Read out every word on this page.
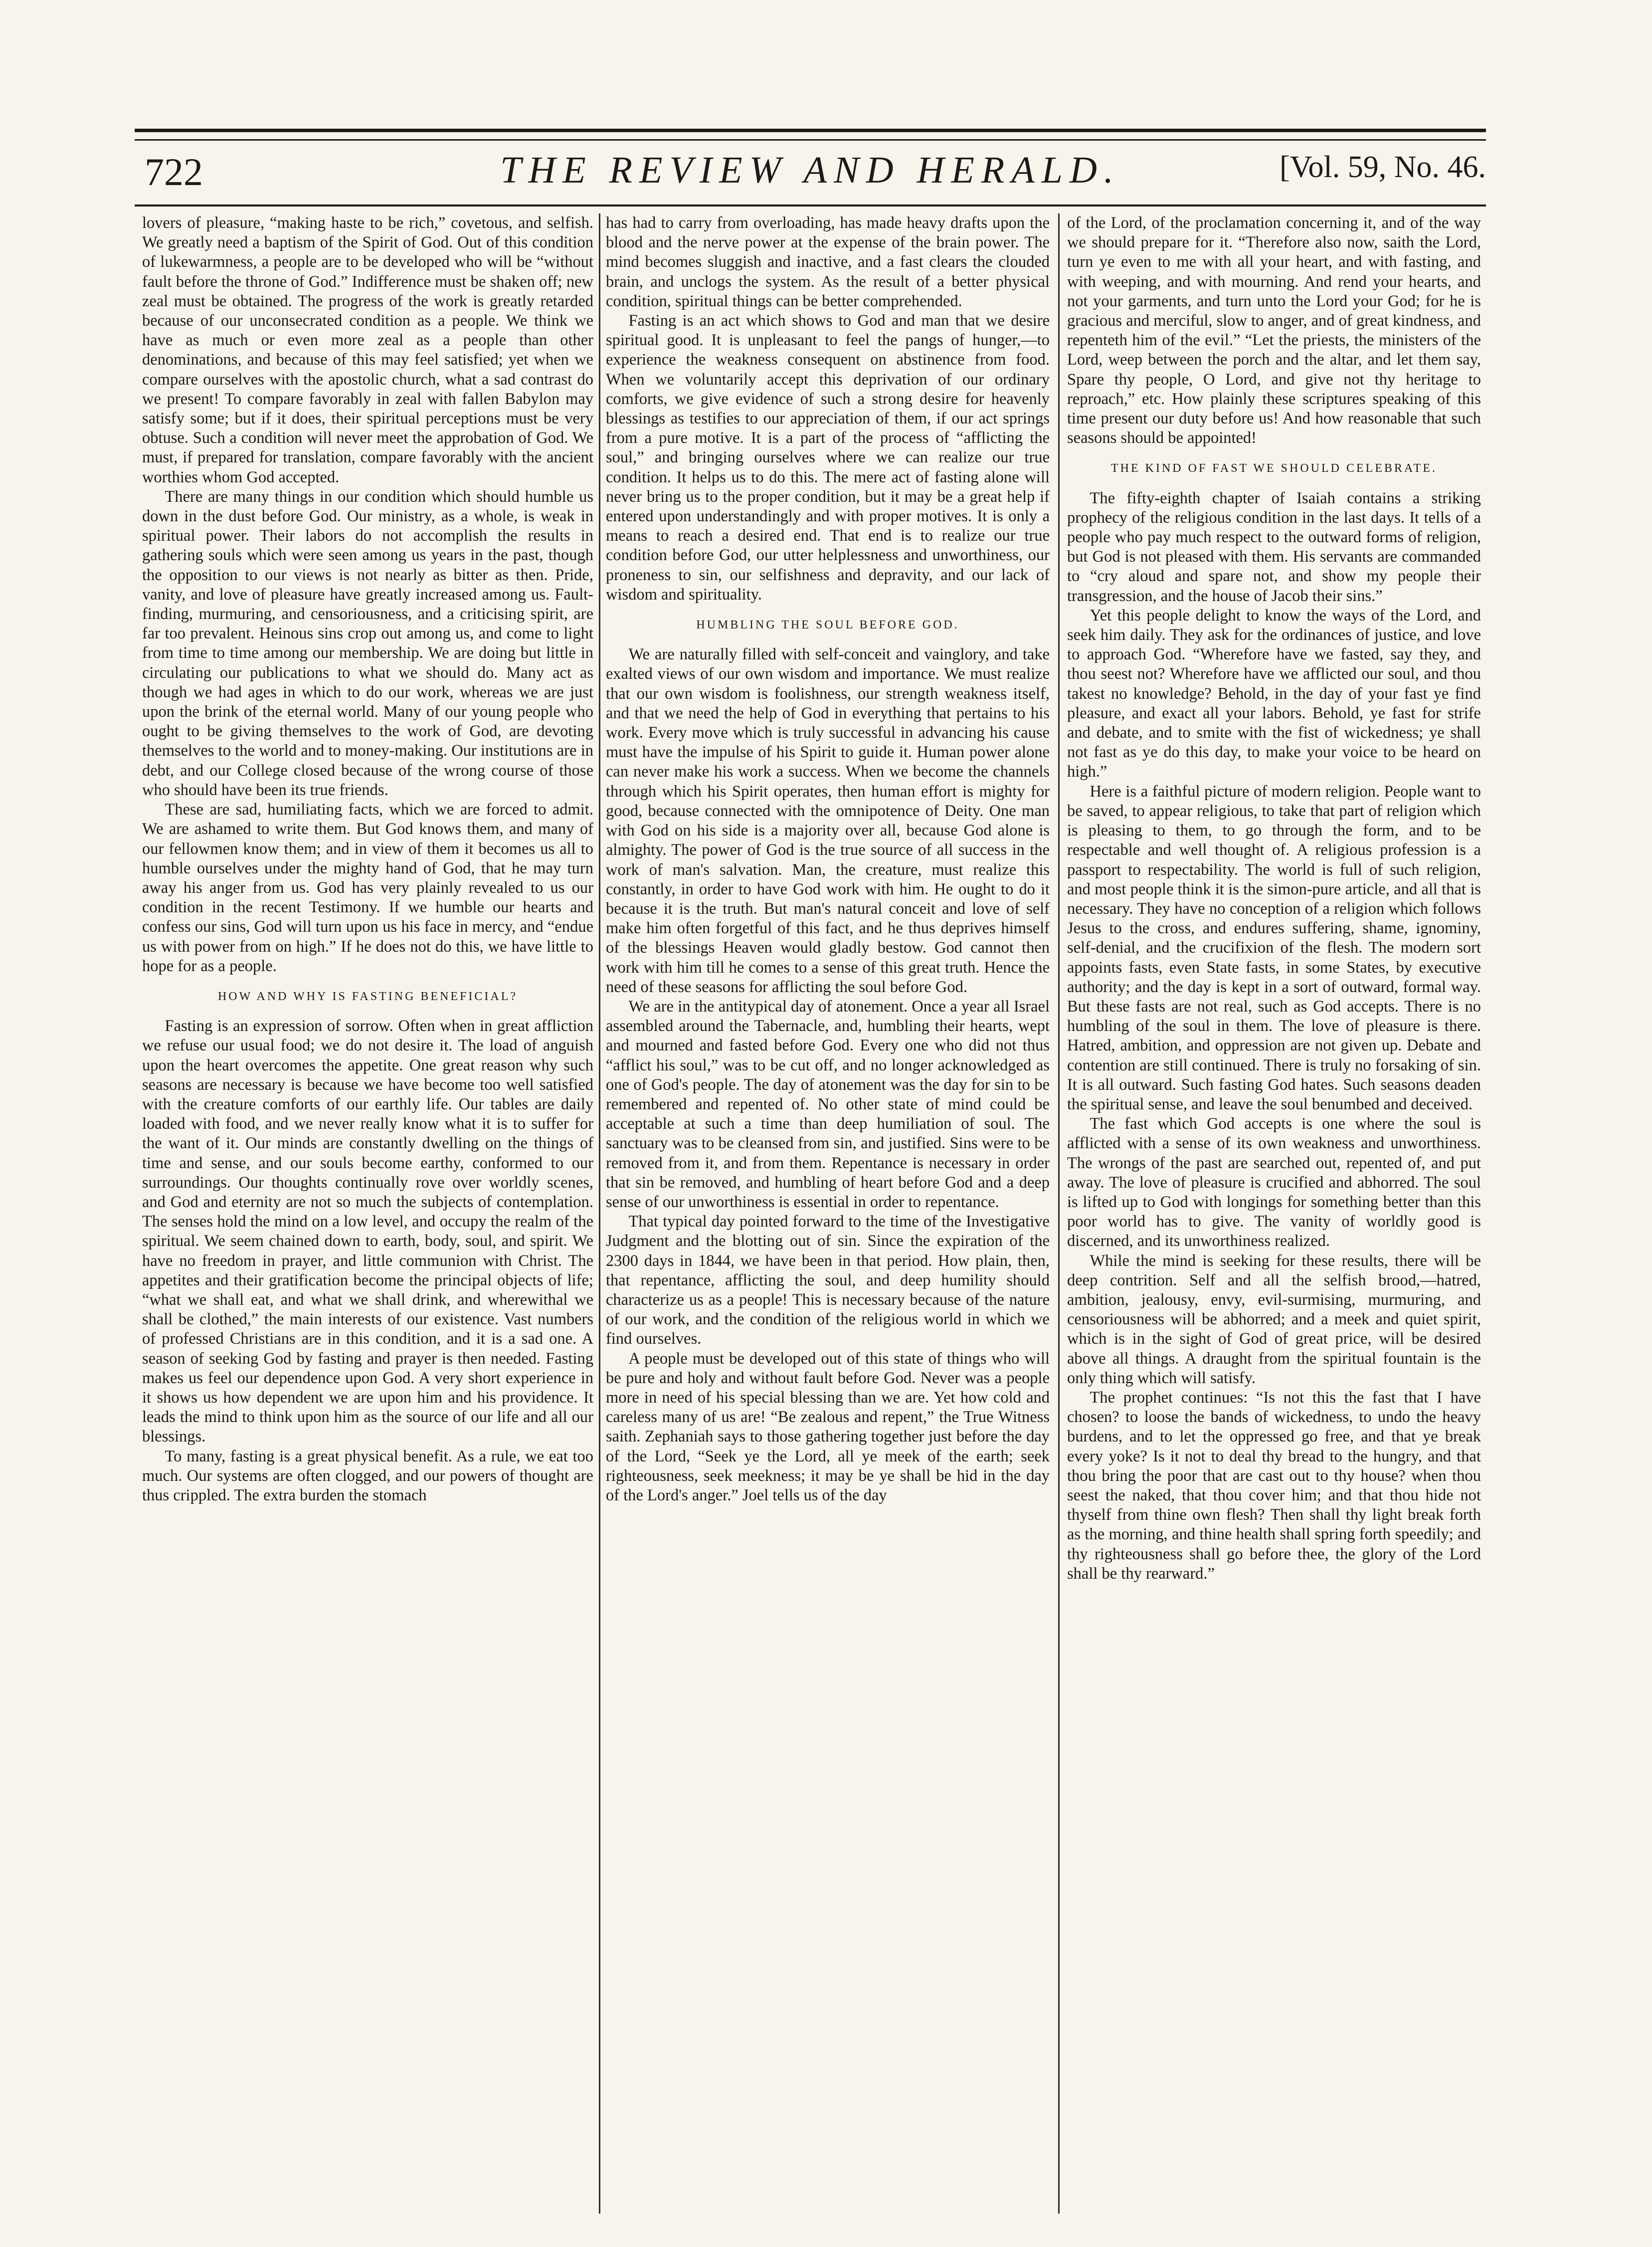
722	THE REVIEW AND HERALD.	[Vol. 59, No. 46.

lovers of pleasure, “making haste to be rich,” covetous, and selfish. We greatly need a baptism of the Spirit of God. Out of this condition of lukewarmness, a people are to be developed who will be “without fault before the throne of God.” Indifference must be shaken off; new zeal must be obtained. The progress of the work is greatly retarded because of our unconsecrated condition as a people. We think we have as much or even more zeal as a people than other denominations, and because of this may feel satisfied; yet when we compare ourselves with the apostolic church, what a sad contrast do we present! To compare favorably in zeal with fallen Babylon may satisfy some; but if it does, their spiritual perceptions must be very obtuse. Such a condition will never meet the approbation of God. We must, if prepared for translation, compare favorably with the ancient worthies whom God accepted.

There are many things in our condition which should humble us down in the dust before God. Our ministry, as a whole, is weak in spiritual power. Their labors do not accomplish the results in gathering souls which were seen among us years in the past, though the opposition to our views is not nearly as bitter as then. Pride, vanity, and love of pleasure have greatly increased among us. Fault-finding, murmuring, and censoriousness, and a criticising spirit, are far too prevalent. Heinous sins crop out among us, and come to light from time to time among our membership. We are doing but little in circulating our publications to what we should do. Many act as though we had ages in which to do our work, whereas we are just upon the brink of the eternal world. Many of our young people who ought to be giving themselves to the work of God, are devoting themselves to the world and to money-making. Our institutions are in debt, and our College closed because of the wrong course of those who should have been its true friends.

These are sad, humiliating facts, which we are forced to admit. We are ashamed to write them. But God knows them, and many of our fellowmen know them; and in view of them it becomes us all to humble ourselves under the mighty hand of God, that he may turn away his anger from us. God has very plainly revealed to us our condition in the recent Testimony. If we humble our hearts and confess our sins, God will turn upon us his face in mercy, and “endue us with power from on high.” If he does not do this, we have little to hope for as a people.

HOW AND WHY IS FASTING BENEFICIAL?

Fasting is an expression of sorrow. Often when in great affliction we refuse our usual food; we do not desire it. The load of anguish upon the heart overcomes the appetite. One great reason why such seasons are necessary is because we have become too well satisfied with the creature comforts of our earthly life. Our tables are daily loaded with food, and we never really know what it is to suffer for the want of it. Our minds are constantly dwelling on the things of time and sense, and our souls become earthy, conformed to our surroundings. Our thoughts continually rove over worldly scenes, and God and eternity are not so much the subjects of contemplation. The senses hold the mind on a low level, and occupy the realm of the spiritual. We seem chained down to earth, body, soul, and spirit. We have no freedom in prayer, and little communion with Christ. The appetites and their gratification become the principal objects of life; “what we shall eat, and what we shall drink, and wherewithal we shall be clothed,” the main interests of our existence. Vast numbers of professed Christians are in this condition, and it is a sad one. A season of seeking God by fasting and prayer is then needed. Fasting makes us feel our dependence upon God. A very short experience in it shows us how dependent we are upon him and his providence. It leads the mind to think upon him as the source of our life and all our blessings.

To many, fasting is a great physical benefit. As a rule, we eat too much. Our systems are often clogged, and our powers of thought are thus crippled. The extra burden the stomach

has had to carry from overloading, has made heavy drafts upon the blood and the nerve power at the expense of the brain power. The mind becomes sluggish and inactive, and a fast clears the clouded brain, and unclogs the system. As the result of a better physical condition, spiritual things can be better comprehended.

Fasting is an act which shows to God and man that we desire spiritual good. It is unpleasant to feel the pangs of hunger,—to experience the weakness consequent on abstinence from food. When we voluntarily accept this deprivation of our ordinary comforts, we give evidence of such a strong desire for heavenly blessings as testifies to our appreciation of them, if our act springs from a pure motive. It is a part of the process of “afflicting the soul,” and bringing ourselves where we can realize our true condition. It helps us to do this. The mere act of fasting alone will never bring us to the proper condition, but it may be a great help if entered upon understandingly and with proper motives. It is only a means to reach a desired end. That end is to realize our true condition before God, our utter helplessness and unworthiness, our proneness to sin, our selfishness and depravity, and our lack of wisdom and spirituality.

HUMBLING THE SOUL BEFORE GOD.

We are naturally filled with self-conceit and vainglory, and take exalted views of our own wisdom and importance. We must realize that our own wisdom is foolishness, our strength weakness itself, and that we need the help of God in everything that pertains to his work. Every move which is truly successful in advancing his cause must have the impulse of his Spirit to guide it. Human power alone can never make his work a success. When we become the channels through which his Spirit operates, then human effort is mighty for good, because connected with the omnipotence of Deity. One man with God on his side is a majority over all, because God alone is almighty. The power of God is the true source of all success in the work of man's salvation. Man, the creature, must realize this constantly, in order to have God work with him. He ought to do it because it is the truth. But man's natural conceit and love of self make him often forgetful of this fact, and he thus deprives himself of the blessings Heaven would gladly bestow. God cannot then work with him till he comes to a sense of this great truth. Hence the need of these seasons for afflicting the soul before God.

We are in the antitypical day of atonement. Once a year all Israel assembled around the Tabernacle, and, humbling their hearts, wept and mourned and fasted before God. Every one who did not thus “afflict his soul,” was to be cut off, and no longer acknowledged as one of God's people. The day of atonement was the day for sin to be remembered and repented of. No other state of mind could be acceptable at such a time than deep humiliation of soul. The sanctuary was to be cleansed from sin, and justified. Sins were to be removed from it, and from them. Repentance is necessary in order that sin be removed, and humbling of heart before God and a deep sense of our unworthiness is essential in order to repentance.

That typical day pointed forward to the time of the Investigative Judgment and the blotting out of sin. Since the expiration of the 2300 days in 1844, we have been in that period. How plain, then, that repentance, afflicting the soul, and deep humility should characterize us as a people! This is necessary because of the nature of our work, and the condition of the religious world in which we find ourselves.

A people must be developed out of this state of things who will be pure and holy and without fault before God. Never was a people more in need of his special blessing than we are. Yet how cold and careless many of us are! “Be zealous and repent,” the True Witness saith. Zephaniah says to those gathering together just before the day of the Lord, “Seek ye the Lord, all ye meek of the earth; seek righteousness, seek meekness; it may be ye shall be hid in the day of the Lord's anger.” Joel tells us of the day

of the Lord, of the proclamation concerning it, and of the way we should prepare for it. “Therefore also now, saith the Lord, turn ye even to me with all your heart, and with fasting, and with weeping, and with mourning. And rend your hearts, and not your garments, and turn unto the Lord your God; for he is gracious and merciful, slow to anger, and of great kindness, and repenteth him of the evil.” “Let the priests, the ministers of the Lord, weep between the porch and the altar, and let them say, Spare thy people, O Lord, and give not thy heritage to reproach,” etc. How plainly these scriptures speaking of this time present our duty before us! And how reasonable that such seasons should be appointed!

THE KIND OF FAST WE SHOULD CELEBRATE.

The fifty-eighth chapter of Isaiah contains a striking prophecy of the religious condition in the last days. It tells of a people who pay much respect to the outward forms of religion, but God is not pleased with them. His servants are commanded to “cry aloud and spare not, and show my people their transgression, and the house of Jacob their sins.”

Yet this people delight to know the ways of the Lord, and seek him daily. They ask for the ordinances of justice, and love to approach God. “Wherefore have we fasted, say they, and thou seest not? Wherefore have we afflicted our soul, and thou takest no knowledge? Behold, in the day of your fast ye find pleasure, and exact all your labors. Behold, ye fast for strife and debate, and to smite with the fist of wickedness; ye shall not fast as ye do this day, to make your voice to be heard on high.”

Here is a faithful picture of modern religion. People want to be saved, to appear religious, to take that part of religion which is pleasing to them, to go through the form, and to be respectable and well thought of. A religious profession is a passport to respectability. The world is full of such religion, and most people think it is the simon-pure article, and all that is necessary. They have no conception of a religion which follows Jesus to the cross, and endures suffering, shame, ignominy, self-denial, and the crucifixion of the flesh. The modern sort appoints fasts, even State fasts, in some States, by executive authority; and the day is kept in a sort of outward, formal way. But these fasts are not real, such as God accepts. There is no humbling of the soul in them. The love of pleasure is there. Hatred, ambition, and oppression are not given up. Debate and contention are still continued. There is truly no forsaking of sin. It is all outward. Such fasting God hates. Such seasons deaden the spiritual sense, and leave the soul benumbed and deceived.

The fast which God accepts is one where the soul is afflicted with a sense of its own weakness and unworthiness. The wrongs of the past are searched out, repented of, and put away. The love of pleasure is crucified and abhorred. The soul is lifted up to God with longings for something better than this poor world has to give. The vanity of worldly good is discerned, and its unworthiness realized.

While the mind is seeking for these results, there will be deep contrition. Self and all the selfish brood,—hatred, ambition, jealousy, envy, evil-surmising, murmuring, and censoriousness will be abhorred; and a meek and quiet spirit, which is in the sight of God of great price, will be desired above all things. A draught from the spiritual fountain is the only thing which will satisfy.

The prophet continues: “Is not this the fast that I have chosen? to loose the bands of wickedness, to undo the heavy burdens, and to let the oppressed go free, and that ye break every yoke? Is it not to deal thy bread to the hungry, and that thou bring the poor that are cast out to thy house? when thou seest the naked, that thou cover him; and that thou hide not thyself from thine own flesh? Then shall thy light break forth as the morning, and thine health shall spring forth speedily; and thy righteousness shall go before thee, the glory of the Lord shall be thy rearward.”
